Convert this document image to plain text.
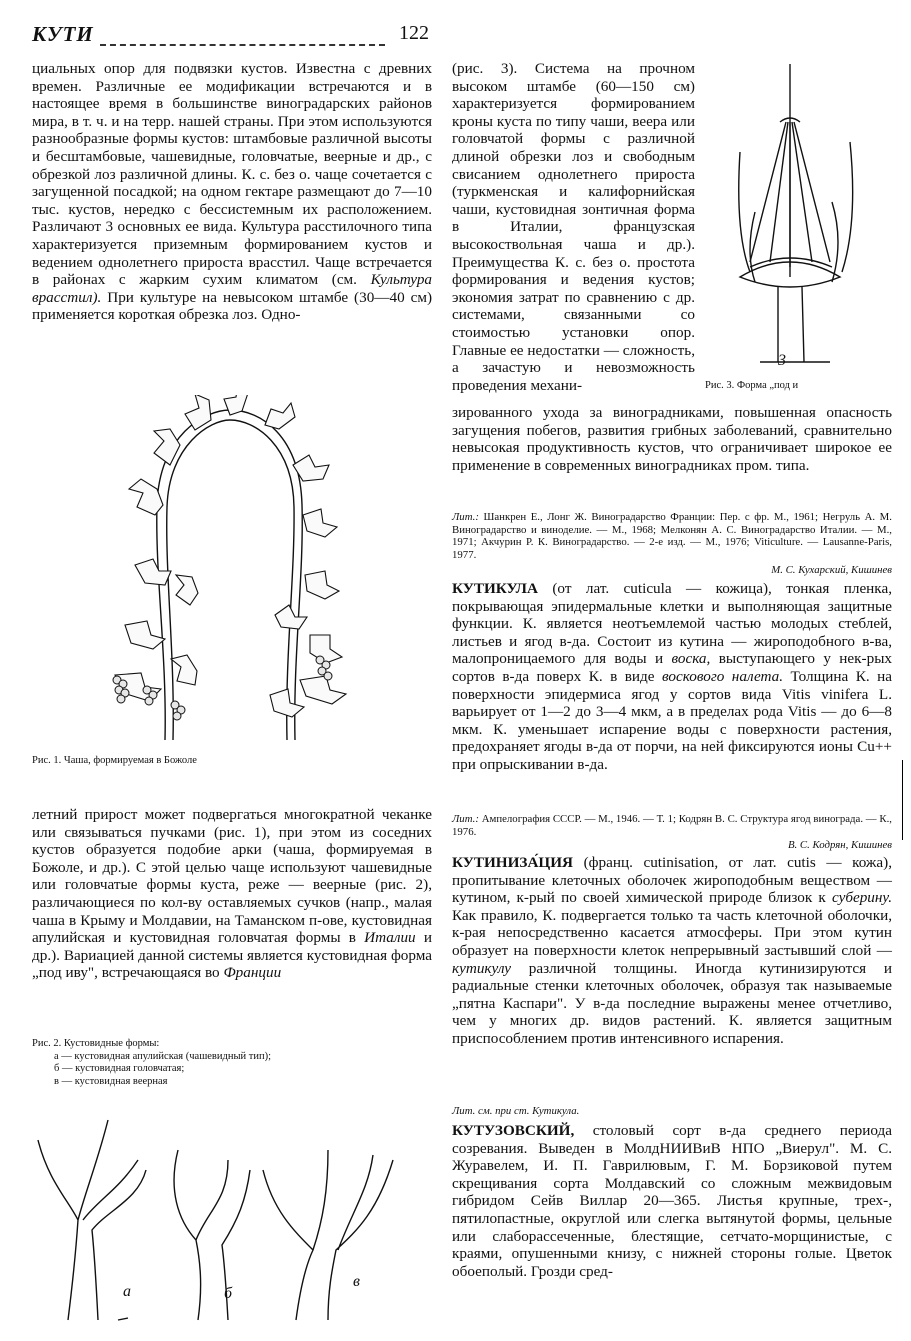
КУТИ	122
циальных опор для подвязки кустов. Известна с древних времен. Различные ее модификации встречаются и в настоящее время в большинстве виноградарских районов мира, в т. ч. и на терр. нашей страны. При этом используются разнообразные формы кустов: штамбовые различной высоты и бесштамбовые, чашевидные, головчатые, веерные и др., с обрезкой лоз различной длины. К. с. без о. чаще сочетается с загущенной посадкой; на одном гектаре размещают до 7—10 тыс. кустов, нередко с бессистемным их расположением. Различают 3 основных ее вида. Культура расстилочного типа характеризуется приземным формированием кустов и ведением однолетнего прироста врасстил. Чаще встречается в районах с жарким сухим климатом (см. Культура врасстил). При культуре на невысоком штамбе (30—40 см) применяется короткая обрезка лоз. Одно-
Рис. 1. Чаша, формируемая в Божоле
летний прирост может подвергаться многократной чеканке или связываться пучками (рис. 1), при этом из соседних кустов образуется подобие арки (чаша, формируемая в Божоле, и др.). С этой целью чаще используют чашевидные или головчатые формы куста, реже — веерные (рис. 2), различающиеся по кол-ву оставляемых сучков (напр., малая чаша в Крыму и Молдавии, на Таманском п-ове, кустовидная апулийская и кустовидная головчатая формы в Италии и др.). Вариацией данной системы является кустовидная форма „под иву", встречающаяся во Франции
Рис. 2. Кустовидные формы:
а — кустовидная апулийская (чашевидный тип);
б — кустовидная головчатая;
в — кустовидная веерная
а	б
в
(рис. 3). Система на прочном высоком штамбе (60—150 см) характеризуется формированием кроны куста по типу чаши, веера или головчатой формы с различной длиной обрезки лоз и свободным свисанием однолетнего прироста (туркменская и калифорнийская чаши, кустовидная зонтичная форма в Италии, французская высокоствольная чаша и др.). Преимущества К. с. без о. простота формирования и ведения кустов; экономия затрат по сравнению с др. системами, связанными со стоимостью установки опор. Главные ее недостатки — сложность, а зачастую и невозможность проведения механи-
3
Рис. 3. Форма „под и
зированного ухода за виноградниками, повышенная опасность загущения побегов, развития грибных заболеваний, сравнительно невысокая продуктивность кустов, что ограничивает широкое ее применение в современных виноградниках пром. типа.
Лит.: Шанкрен Е., Лонг Ж. Виноградарство Франции: Пер. с фр. М., 1961; Негруль А. М. Виноградарство и виноделие. — М., 1968; Мелконян А. С. Виноградарство Италии. — М., 1971; Акчурин Р. К. Виноградарство. — 2-е изд. — М., 1976; Viticulture. — Lausanne-Paris, 1977.
М. С. Кухарский, Кишинев
КУТИКУЛА (от лат. cuticula — кожица), тонкая пленка, покрывающая эпидермальные клетки и выполняющая защитные функции. К. является неотъемлемой частью молодых стеблей, листьев и ягод в-да. Состоит из кутина — жироподобного в-ва, малопроницаемого для воды и воска, выступающего у нек-рых сортов в-да поверх К. в виде воскового налета. Толщина К. на поверхности эпидермиса ягод у сортов вида Vitis vinifera L. варьирует от 1—2 до 3—4 мкм, а в пределах рода Vitis — до 6—8 мкм. К. уменьшает испарение воды с поверхности растения, предохраняет ягоды в-да от порчи, на ней фиксируются ионы Cu++ при опрыскивании в-да.
Лит.: Ампелография СССР. — М., 1946. — Т. 1; Кодрян В. С. Структура ягод винограда. — К., 1976.
В. С. Кодрян, Кишинев
КУТИНИЗА́ЦИЯ (франц. cutinisation, от лат. cutis — кожа), пропитывание клеточных оболочек жироподобным веществом — кутином, к-рый по своей химической природе близок к суберину. Как правило, К. подвергается только та часть клеточной оболочки, к-рая непосредственно касается атмосферы. При этом кутин образует на поверхности клеток непрерывный застывший слой — кутикулу различной толщины. Иногда кутинизируются и радиальные стенки клеточных оболочек, образуя так называемые „пятна Каспари". У в-да последние выражены менее отчетливо, чем у многих др. видов растений. К. является защитным приспособлением против интенсивного испарения.
Лит. см. при ст. Кутикула.
КУТУЗОВСКИЙ, столовый сорт в-да среднего периода созревания. Выведен в МолдНИИВиВ НПО „Виерул". М. С. Журавелем, И. П. Гаврилювым, Г. М. Борзиковой путем скрещивания сорта Молдавский со сложным межвидовым гибридом Сейв Виллар 20—365. Листья крупные, трех-, пятилопастные, округлой или слегка вытянутой формы, цельные или слаборассеченные, блестящие, сетчато-морщинистые, с краями, опушенными книзу, с нижней стороны голые. Цветок обоеполый. Грозди сред-
